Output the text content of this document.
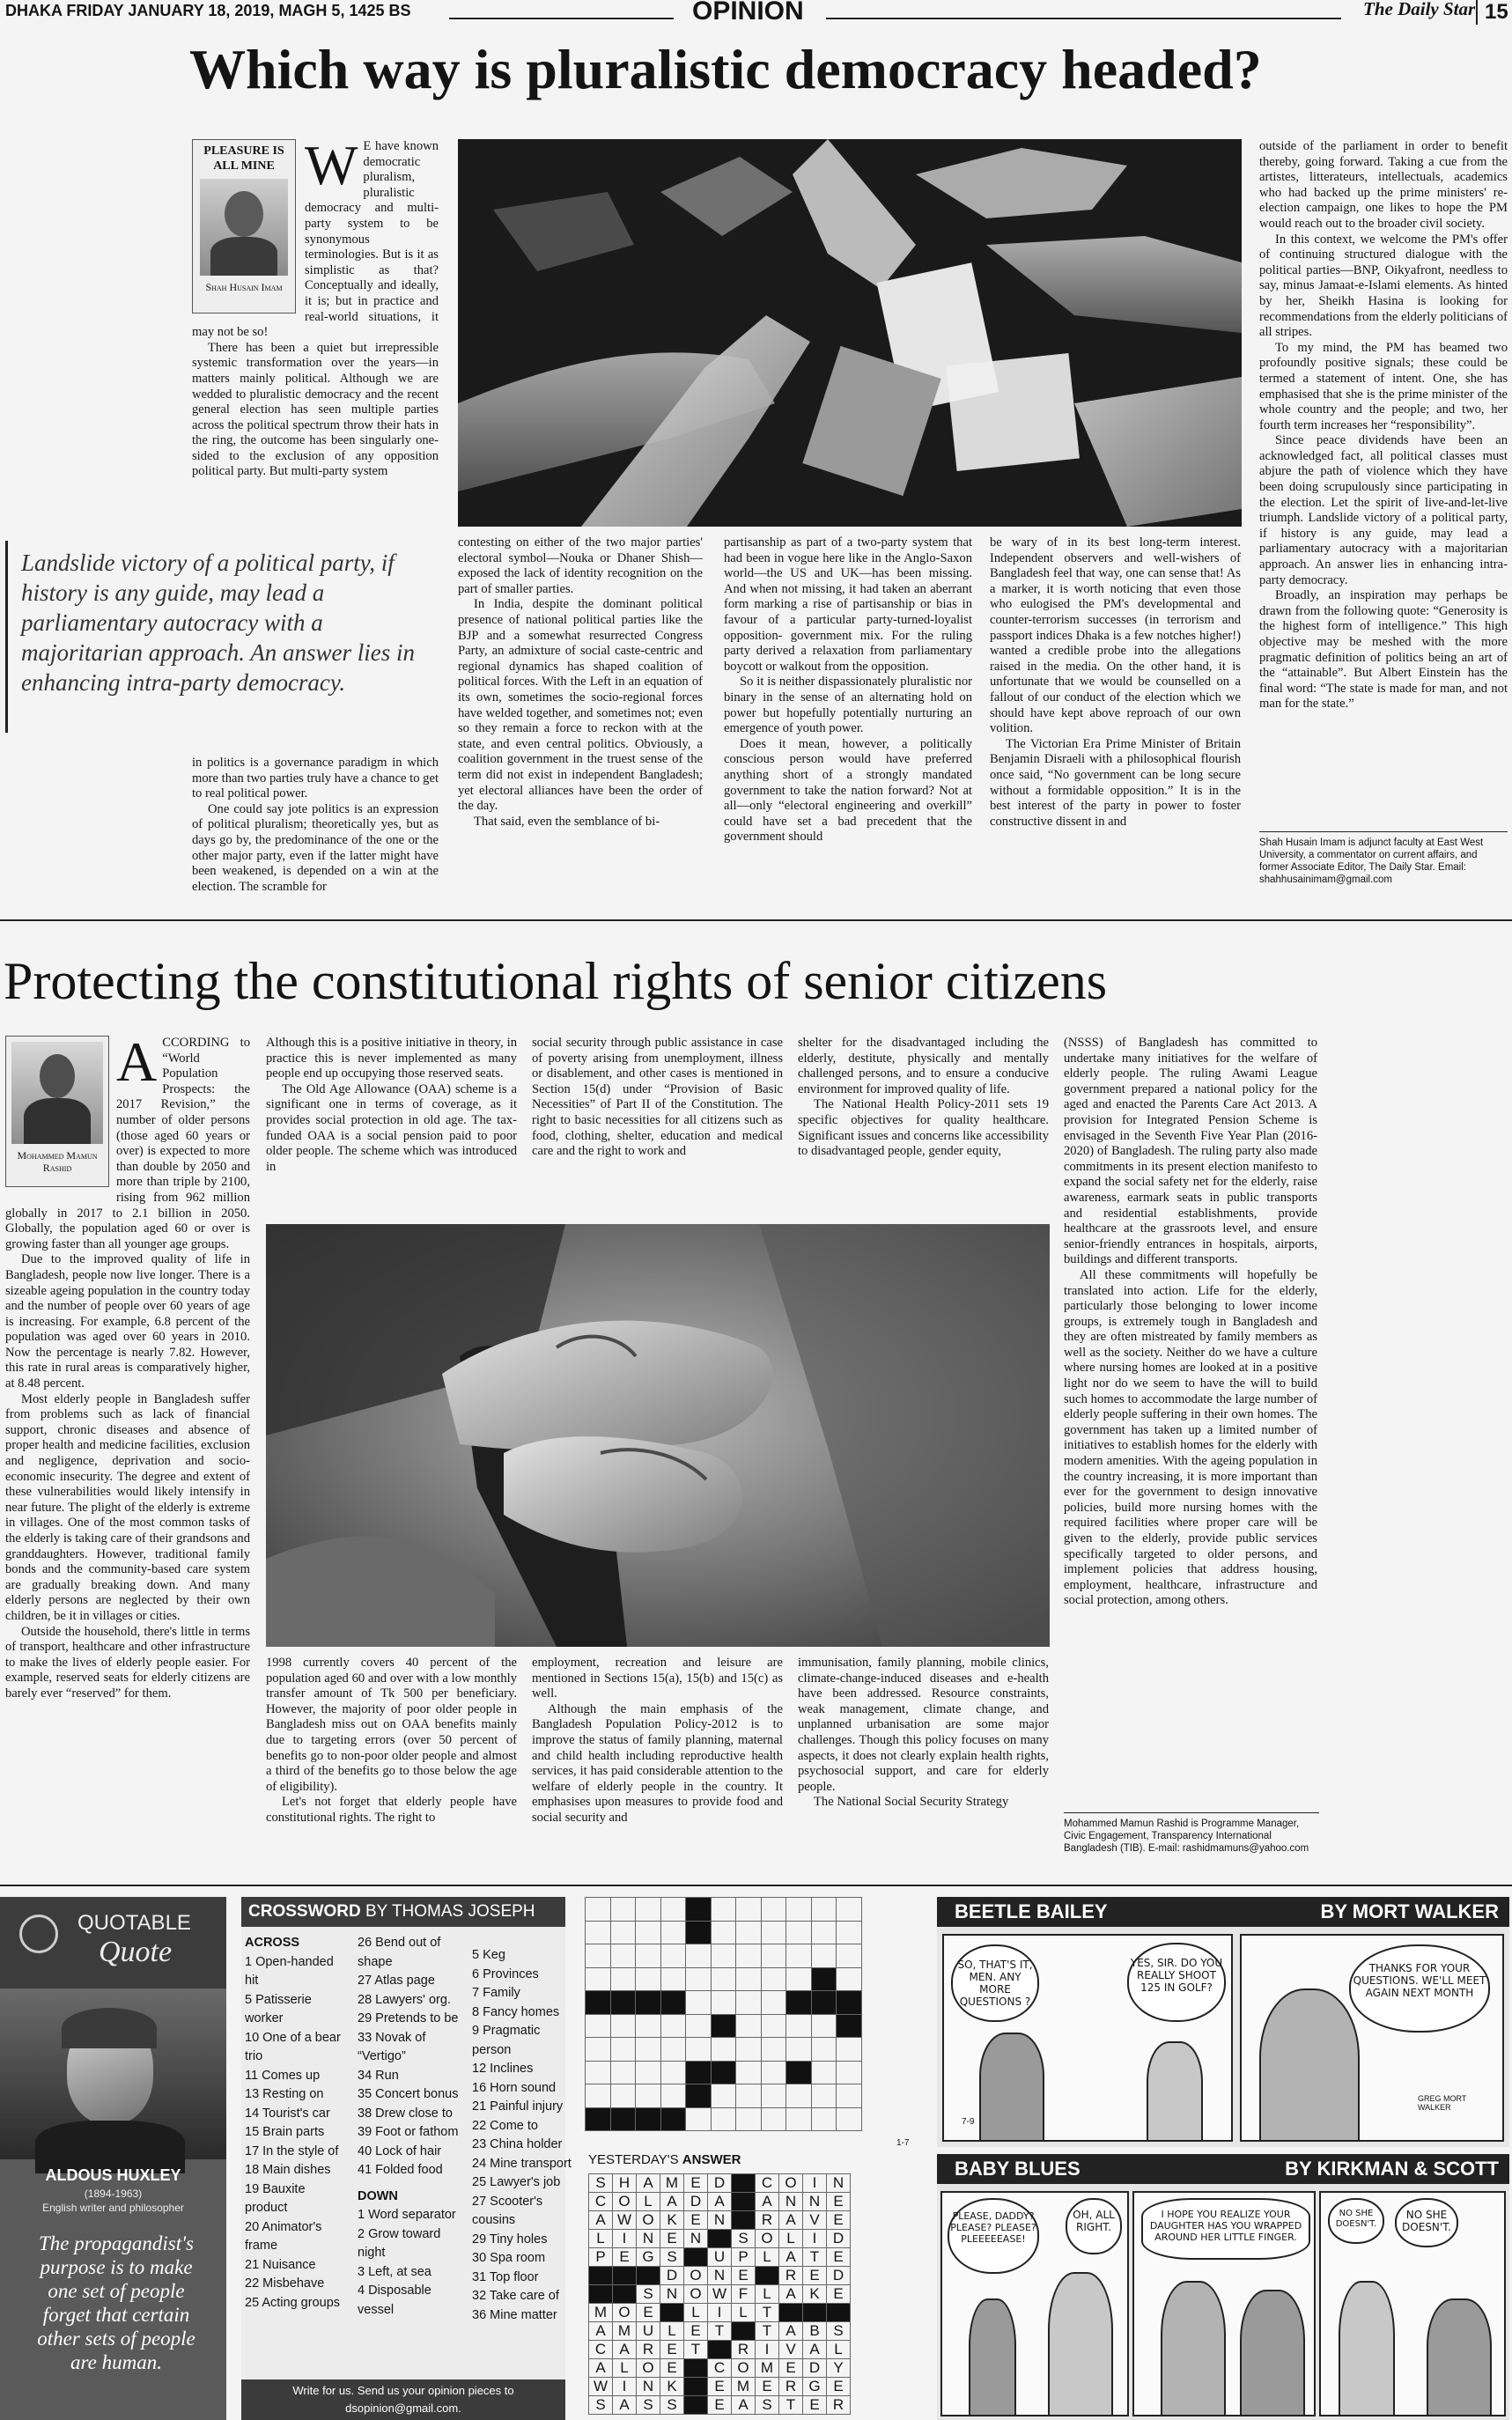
DHAKA FRIDAY JANUARY 18, 2019, MAGH 5, 1425 BS	OPINION	The Daily Star 15
Which way is pluralistic democracy headed?
PLEASURE IS ALL MINE
Shah Husain Imam
W E have known democratic pluralism, pluralistic democracy and multi-party system to be synonymous terminologies. But is it as simplistic as that? Conceptually and ideally, it is; but in practice and real-world situations, it may not be so!

There has been a quiet but irrepressible systemic transformation over the years—in matters mainly political. Although we are wedded to pluralistic democracy and the recent general election has seen multiple parties across the political spectrum throw their hats in the ring, the outcome has been singularly one-sided to the exclusion of any opposition political party. But multi-party system

Landslide victory of a political party, if history is any guide, may lead a parliamentary autocracy with a majoritarian approach. An answer lies in enhancing intra-party democracy.

in politics is a governance paradigm in which more than two parties truly have a chance to get to real political power.

One could say jote politics is an expression of political pluralism; theoretically yes, but as days go by, the predominance of the one or the other major party, even if the latter might have been weakened, is depended on a win at the election. The scramble for

contesting on either of the two major parties' electoral symbol—Nouka or Dhaner Shish—exposed the lack of identity recognition on the part of smaller parties.

In India, despite the dominant political presence of national political parties like the BJP and a somewhat resurrected Congress Party, an admixture of social caste-centric and regional dynamics has shaped coalition of political forces. With the Left in an equation of its own, sometimes the socio-regional forces have welded together, and sometimes not; even so they remain a force to reckon with at the state, and even central politics. Obviously, a coalition government in the truest sense of the term did not exist in independent Bangladesh; yet electoral alliances have been the order of the day.

That said, even the semblance of bi-

partisanship as part of a two-party system that had been in vogue here like in the Anglo-Saxon world—the US and UK—has been missing. And when not missing, it had taken an aberrant form marking a rise of partisanship or bias in favour of a particular party-turned-loyalist opposition- government mix. For the ruling party derived a relaxation from parliamentary boycott or walkout from the opposition.

So it is neither dispassionately pluralistic nor binary in the sense of an alternating hold on power but hopefully potentially nurturing an emergence of youth power.

Does it mean, however, a politically conscious person would have preferred anything short of a strongly mandated government to take the nation forward? Not at all—only “electoral engineering and overkill” could have set a bad precedent that the government should

be wary of in its best long-term interest. Independent observers and well-wishers of Bangladesh feel that way, one can sense that! As a marker, it is worth noticing that even those who eulogised the PM's developmental and counter-terrorism successes (in terrorism and passport indices Dhaka is a few notches higher!) wanted a credible probe into the allegations raised in the media. On the other hand, it is unfortunate that we would be counselled on a fallout of our conduct of the election which we should have kept above reproach of our own volition.

The Victorian Era Prime Minister of Britain Benjamin Disraeli with a philosophical flourish once said, “No government can be long secure without a formidable opposition.” It is in the best interest of the party in power to foster constructive dissent in and

outside of the parliament in order to benefit thereby, going forward. Taking a cue from the artistes, litterateurs, intellectuals, academics who had backed up the prime ministers' re-election campaign, one likes to hope the PM would reach out to the broader civil society.

In this context, we welcome the PM's offer of continuing structured dialogue with the political parties—BNP, Oikyafront, needless to say, minus Jamaat-e-Islami elements. As hinted by her, Sheikh Hasina is looking for recommendations from the elderly politicians of all stripes.

To my mind, the PM has beamed two profoundly positive signals; these could be termed a statement of intent. One, she has emphasised that she is the prime minister of the whole country and the people; and two, her fourth term increases her “responsibility”.

Since peace dividends have been an acknowledged fact, all political classes must abjure the path of violence which they have been doing scrupulously since participating in the election. Let the spirit of live-and-let-live triumph. Landslide victory of a political party, if history is any guide, may lead a parliamentary autocracy with a majoritarian approach. An answer lies in enhancing intra-party democracy.

Broadly, an inspiration may perhaps be drawn from the following quote: “Generosity is the highest form of intelligence.” This high objective may be meshed with the more pragmatic definition of politics being an art of the “attainable”. But Albert Einstein has the final word: “The state is made for man, and not man for the state.”

Shah Husain Imam is adjunct faculty at East West University, a commentator on current affairs, and former Associate Editor, The Daily Star. Email: shahhusainimam@gmail.com
Protecting the constitutional rights of senior citizens
Mohammed Mamun Rashid
A CCORDING to “World Population Prospects: the 2017 Revision,” the number of older persons (those aged 60 years or over) is expected to more than double by 2050 and more than triple by 2100, rising from 962 million globally in 2017 to 2.1 billion in 2050. Globally, the population aged 60 or over is growing faster than all younger age groups.

Due to the improved quality of life in Bangladesh, people now live longer. There is a sizeable ageing population in the country today and the number of people over 60 years of age is increasing. For example, 6.8 percent of the population was aged over 60 years in 2010. Now the percentage is nearly 7.82. However, this rate in rural areas is comparatively higher, at 8.48 percent.

Most elderly people in Bangladesh suffer from problems such as lack of financial support, chronic diseases and absence of proper health and medicine facilities, exclusion and negligence, deprivation and socio-economic insecurity. The degree and extent of these vulnerabilities would likely intensify in near future. The plight of the elderly is extreme in villages. One of the most common tasks of the elderly is taking care of their grandsons and granddaughters. However, traditional family bonds and the community-based care system are gradually breaking down. And many elderly persons are neglected by their own children, be it in villages or cities.

Outside the household, there's little in terms of transport, healthcare and other infrastructure to make the lives of elderly people easier. For example, reserved seats for elderly citizens are barely ever “reserved” for them.

Although this is a positive initiative in theory, in practice this is never implemented as many people end up occupying those reserved seats.

The Old Age Allowance (OAA) scheme is a significant one in terms of coverage, as it provides social protection in old age. The tax-funded OAA is a social pension paid to poor older people. The scheme which was introduced in

social security through public assistance in case of poverty arising from unemployment, illness or disablement, and other cases is mentioned in Section 15(d) under “Provision of Basic Necessities” of Part II of the Constitution. The right to basic necessities for all citizens such as food, clothing, shelter, education and medical care and the right to work and

shelter for the disadvantaged including the elderly, destitute, physically and mentally challenged persons, and to ensure a conducive environment for improved quality of life.

The National Health Policy-2011 sets 19 specific objectives for quality healthcare. Significant issues and concerns like accessibility to disadvantaged people, gender equity,

1998 currently covers 40 percent of the population aged 60 and over with a low monthly transfer amount of Tk 500 per beneficiary. However, the majority of poor older people in Bangladesh miss out on OAA benefits mainly due to targeting errors (over 50 percent of benefits go to non-poor older people and almost a third of the benefits go to those below the age of eligibility).

Let's not forget that elderly people have constitutional rights. The right to

employment, recreation and leisure are mentioned in Sections 15(a), 15(b) and 15(c) as well.

Although the main emphasis of the Bangladesh Population Policy-2012 is to improve the status of family planning, maternal and child health including reproductive health services, it has paid considerable attention to the welfare of elderly people in the country. It emphasises upon measures to provide food and social security and

immunisation, family planning, mobile clinics, climate-change-induced diseases and e-health have been addressed. Resource constraints, weak management, climate change, and unplanned urbanisation are some major challenges. Though this policy focuses on many aspects, it does not clearly explain health rights, psychosocial support, and care for elderly people.

The National Social Security Strategy

(NSSS) of Bangladesh has committed to undertake many initiatives for the welfare of elderly people. The ruling Awami League government prepared a national policy for the aged and enacted the Parents Care Act 2013. A provision for Integrated Pension Scheme is envisaged in the Seventh Five Year Plan (2016-2020) of Bangladesh. The ruling party also made commitments in its present election manifesto to expand the social safety net for the elderly, raise awareness, earmark seats in public transports and residential establishments, provide healthcare at the grassroots level, and ensure senior-friendly entrances in hospitals, airports, buildings and different transports.

All these commitments will hopefully be translated into action. Life for the elderly, particularly those belonging to lower income groups, is extremely tough in Bangladesh and they are often mistreated by family members as well as the society. Neither do we have a culture where nursing homes are looked at in a positive light nor do we seem to have the will to build such homes to accommodate the large number of elderly people suffering in their own homes. The government has taken up a limited number of initiatives to establish homes for the elderly with modern amenities. With the ageing population in the country increasing, it is more important than ever for the government to design innovative policies, build more nursing homes with the required facilities where proper care will be given to the elderly, provide public services specifically targeted to older persons, and implement policies that address housing, employment, healthcare, infrastructure and social protection, among others.

Mohammed Mamun Rashid is Programme Manager, Civic Engagement, Transparency International Bangladesh (TIB). E-mail: rashidmamuns@yahoo.com
QUOTABLE
Quote
ALDOUS HUXLEY
(1894-1963)
English writer and philosopher
The propagandist's purpose is to make one set of people forget that certain other sets of people are human.
CROSSWORD BY THOMAS JOSEPH
ACROSS
1 Open-handed
hit
5 Patisserie
worker
10 One of a bear
trio
11 Comes up
13 Resting on
14 Tourist's car
15 Brain parts
17 In the style of
18 Main dishes
19 Bauxite
product
20 Animator's
frame
21 Nuisance
22 Misbehave
25 Acting groups
26 Bend out of
shape
27 Atlas page
28 Lawyers' org.
29 Pretends to be
33 Novak of
“Vertigo”
34 Run
35 Concert bonus
38 Drew close to
39 Foot or fathom
40 Lock of hair
41 Folded food
DOWN
1 Word separator
2 Grow toward
night
3 Left, at sea
4 Disposable
vessel
5 Keg
6 Provinces
7 Family
8 Fancy homes
9 Pragmatic
person
12 Inclines
16 Horn sound
21 Painful injury
22 Come to
23 China holder
24 Mine transport
25 Lawyer's job
27 Scooter's
cousins
29 Tiny holes
30 Spa room
31 Top floor
32 Take care of
36 Mine matter
Write for us. Send us your opinion pieces to dsopinion@gmail.com.

1-7
YESTERDAY'S ANSWER
S	H	A	M	E	D		C	O	I	N
C	O	L	A	D	A		A	N	N	E
A	W	O	K	E	N		R	A	V	E
L	I	N	E	N		S	O	L	I	D
P	E	G	S		U	P	L	A	T	E
			D	O	N	E		R	E	D
		S	N	O	W	F	L	A	K	E
M	O	E		L	I	L	T			
A	M	U	L	E	T		T	A	B	S
C	A	R	E	T		R	I	V	A	L
A	L	O	E		C	O	M	E	D	Y
W	I	N	K		E	M	E	R	G	E
S	A	S	S		E	A	S	T	E	R
BEETLE BAILEY	BY MORT WALKER
SO, THAT'S IT, MEN. ANY MORE QUESTIONS ?
YES, SIR. DO YOU REALLY SHOOT 125 IN GOLF?
7-9
THANKS FOR YOUR QUESTIONS. WE'LL MEET AGAIN NEXT MONTH
GREG MORT WALKER
BABY BLUES	BY KIRKMAN & SCOTT
PLEASE, DADDY? PLEASE? PLEASE? PLEEEEEASE!
OH, ALL RIGHT.
I HOPE YOU REALIZE YOUR DAUGHTER HAS YOU WRAPPED AROUND HER LITTLE FINGER.
NO SHE DOESN'T.
NO SHE DOESN'T.
